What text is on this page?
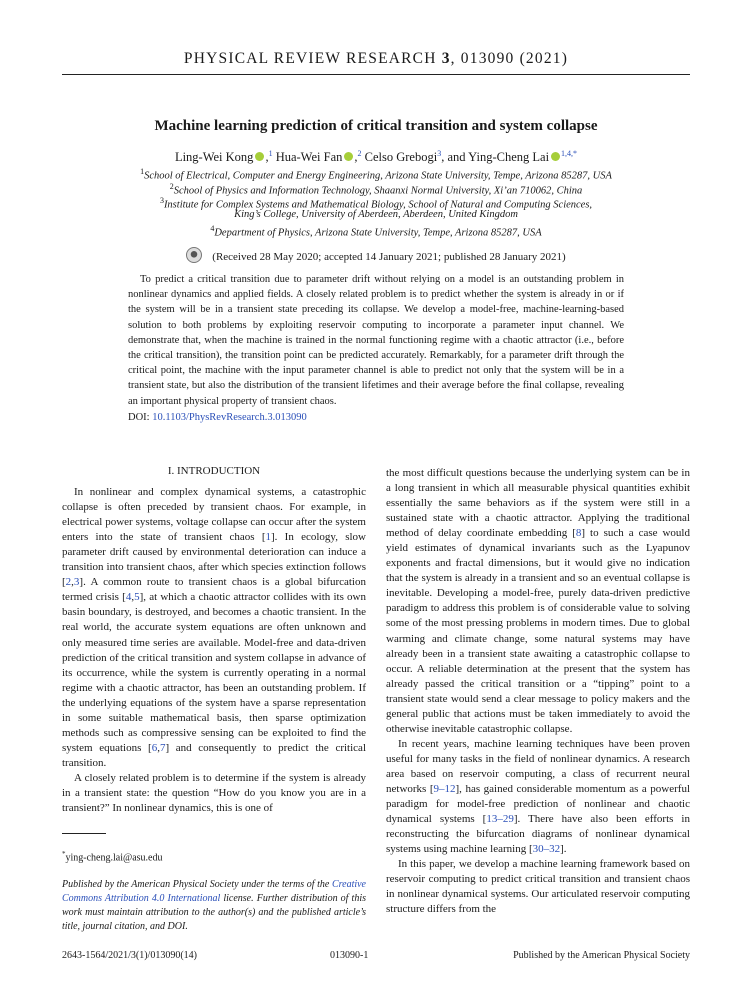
PHYSICAL REVIEW RESEARCH 3, 013090 (2021)
Machine learning prediction of critical transition and system collapse
Ling-Wei Kong ,$^1$ Hua-Wei Fan ,$^2$ Celso Grebogi$^3$, and Ying-Cheng Lai $^{1,4,*}$
$^1$School of Electrical, Computer and Energy Engineering, Arizona State University, Tempe, Arizona 85287, USA
$^2$School of Physics and Information Technology, Shaanxi Normal University, Xi’an 710062, China
$^3$Institute for Complex Systems and Mathematical Biology, School of Natural and Computing Sciences,
King’s College, University of Aberdeen, Aberdeen, United Kingdom
$^4$Department of Physics, Arizona State University, Tempe, Arizona 85287, USA
(Received 28 May 2020; accepted 14 January 2021; published 28 January 2021)
To predict a critical transition due to parameter drift without relying on a model is an outstanding problem in nonlinear dynamics and applied fields. A closely related problem is to predict whether the system is already in or if the system will be in a transient state preceding its collapse. We develop a model-free, machine-learning-based solution to both problems by exploiting reservoir computing to incorporate a parameter input channel. We demonstrate that, when the machine is trained in the normal functioning regime with a chaotic attractor (i.e., before the critical transition), the transition point can be predicted accurately. Remarkably, for a parameter drift through the critical point, the machine with the input parameter channel is able to predict not only that the system will be in a transient state, but also the distribution of the transient lifetimes and their average before the final collapse, revealing an important physical property of transient chaos.
DOI: 10.1103/PhysRevResearch.3.013090
I. INTRODUCTION

In nonlinear and complex dynamical systems, a catastrophic collapse is often preceded by transient chaos. For example, in electrical power systems, voltage collapse can occur after the system enters into the state of transient chaos [1]. In ecology, slow parameter drift caused by environmental deterioration can induce a transition into transient chaos, after which species extinction follows [2,3]. A common route to transient chaos is a global bifurcation termed crisis [4,5], at which a chaotic attractor collides with its own basin boundary, is destroyed, and becomes a chaotic transient. In the real world, the accurate system equations are often unknown and only measured time series are available. Model-free and data-driven prediction of the critical transition and system collapse in advance of its occurrence, while the system is currently operating in a normal regime with a chaotic attractor, has been an outstanding problem. If the underlying equations of the system have a sparse representation in some suitable mathematical basis, then sparse optimization methods such as compressive sensing can be exploited to find the system equations [6,7] and consequently to predict the critical transition.

A closely related problem is to determine if the system is already in a transient state: the question “How do you know you are in a transient?” In nonlinear dynamics, this is one of

the most difficult questions because the underlying system can be in a long transient in which all measurable physical quantities exhibit essentially the same behaviors as if the system were still in a sustained state with a chaotic attractor. Applying the traditional method of delay coordinate embedding [8] to such a case would yield estimates of dynamical invariants such as the Lyapunov exponents and fractal dimensions, but it would give no indication that the system is already in a transient and so an eventual collapse is inevitable. Developing a model-free, purely data-driven predictive paradigm to address this problem is of considerable value to solving some of the most pressing problems in modern times. Due to global warming and climate change, some natural systems may have already been in a transient state awaiting a catastrophic collapse to occur. A reliable determination at the present that the system has already passed the critical transition or a “tipping” point to a transient state would send a clear message to policy makers and the general public that actions must be taken immediately to avoid the otherwise inevitable catastrophic collapse.

In recent years, machine learning techniques have been proven useful for many tasks in the field of nonlinear dynamics. A research area based on reservoir computing, a class of recurrent neural networks [9–12], has gained considerable momentum as a powerful paradigm for model-free prediction of nonlinear and chaotic dynamical systems [13–29]. There have also been efforts in reconstructing the bifurcation diagrams of nonlinear dynamical systems using machine learning [30–32].

In this paper, we develop a machine learning framework based on reservoir computing to predict critical transition and transient chaos in nonlinear dynamical systems. Our articulated reservoir computing structure differs from the

*ying-cheng.lai@asu.edu
Published by the American Physical Society under the terms of the Creative Commons Attribution 4.0 International license. Further distribution of this work must maintain attribution to the author(s) and the published article’s title, journal citation, and DOI.
2643-1564/2021/3(1)/013090(14)	013090-1	Published by the American Physical Society
